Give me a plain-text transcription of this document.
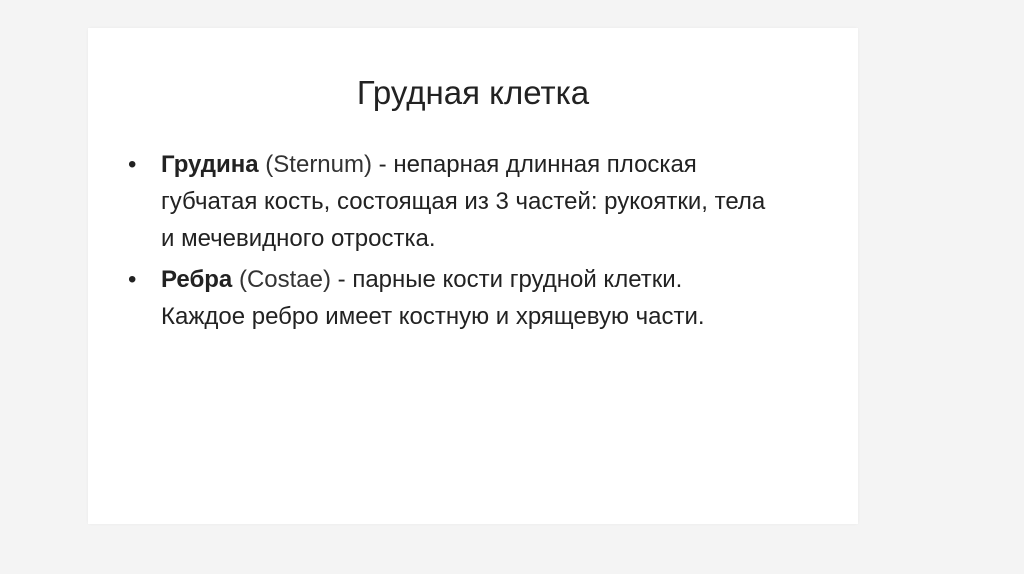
Грудная клетка
• Грудина (Sternum) - непарная длинная плоская губчатая кость, состоящая из 3 частей: рукоятки, тела и мечевидного отростка.
• Ребра (Costae) - парные кости грудной клетки. Каждое ребро имеет костную и хрящевую части.
